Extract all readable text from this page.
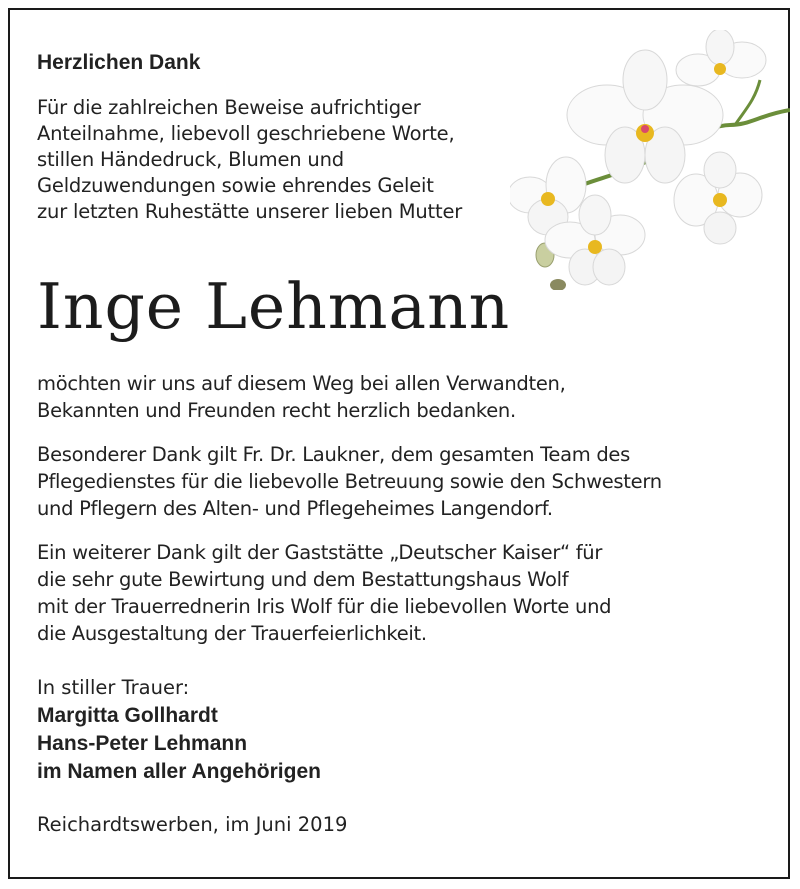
Herzlichen Dank
Für die zahlreichen Beweise aufrichtiger
Anteilnahme, liebevoll geschriebene Worte,
stillen Händedruck, Blumen und
Geldzuwendungen sowie ehrendes Geleit
zur letzten Ruhestätte unserer lieben Mutter
Inge Lehmann
möchten wir uns auf diesem Weg bei allen Verwandten,
Bekannten und Freunden recht herzlich bedanken.
Besonderer Dank gilt Fr. Dr. Laukner, dem gesamten Team des
Pflegedienstes für die liebevolle Betreuung sowie den Schwestern
und Pflegern des Alten- und Pflegeheimes Langendorf.
Ein weiterer Dank gilt der Gaststätte „Deutscher Kaiser“ für
die sehr gute Bewirtung und dem Bestattungshaus Wolf
mit der Trauerrednerin Iris Wolf für die liebevollen Worte und
die Ausgestaltung der Trauerfeierlichkeit.
In stiller Trauer:
Margitta Gollhardt
Hans-Peter Lehmann
im Namen aller Angehörigen
Reichardtswerben, im Juni 2019
